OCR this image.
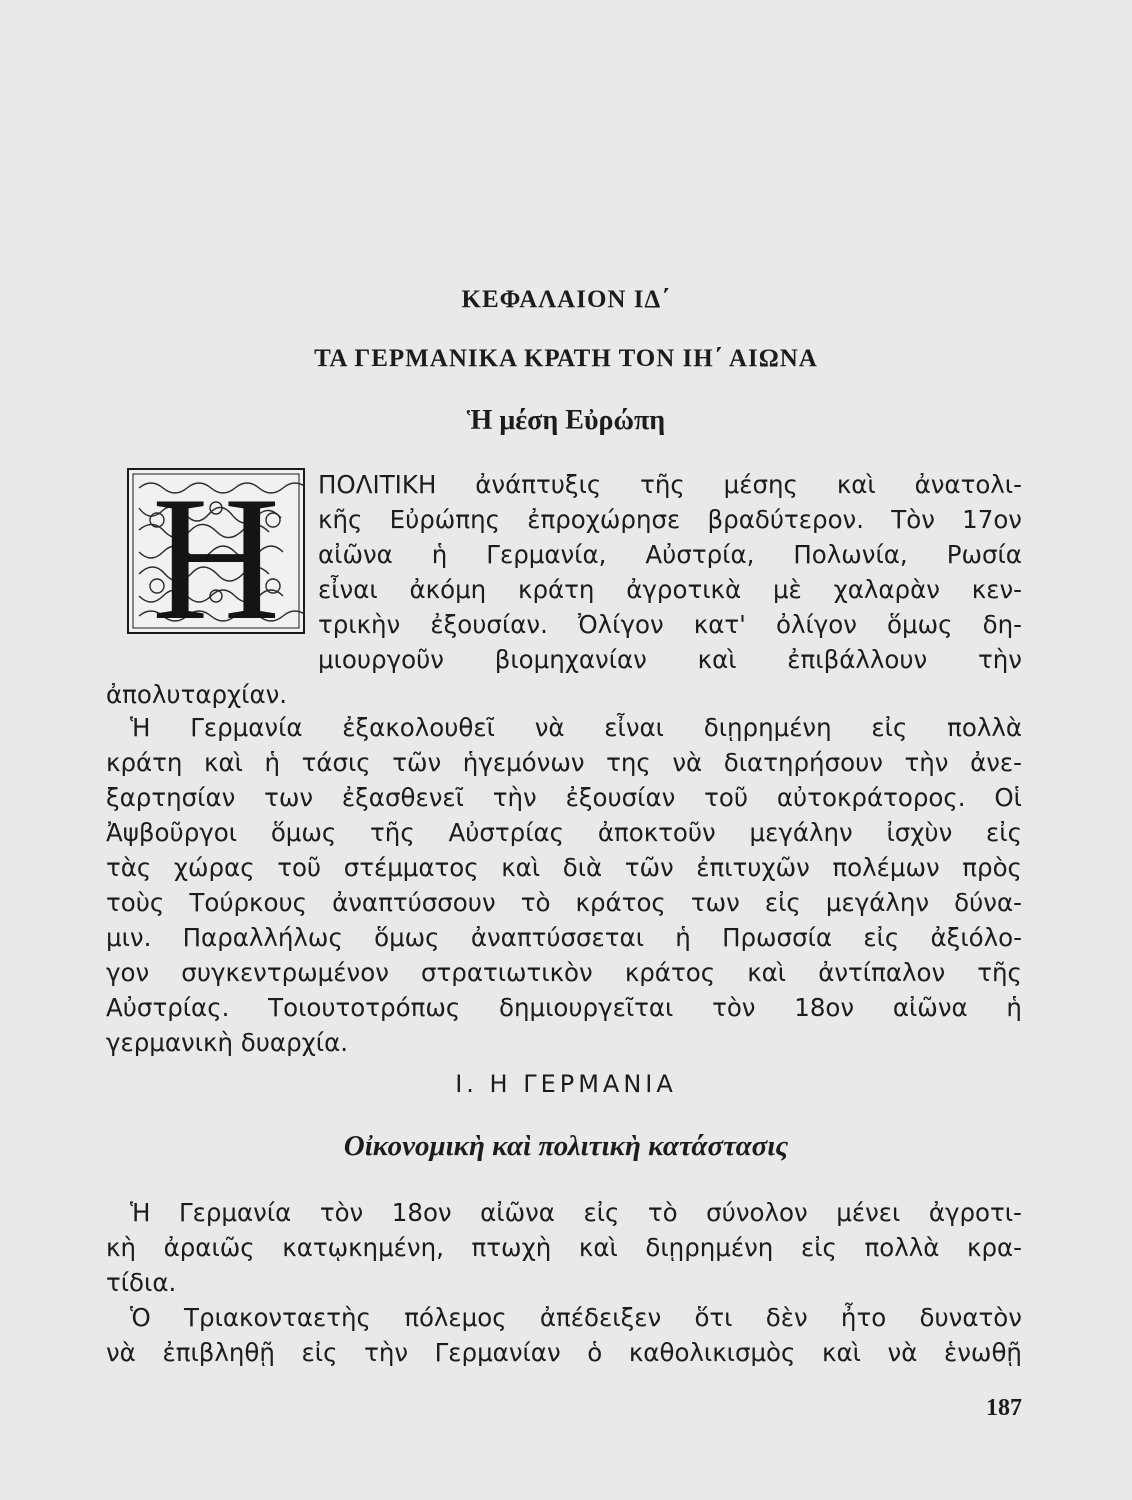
ΚΕΦΑΛΑΙΟΝ ΙΔ΄
ΤΑ ΓΕΡΜΑΝΙΚΑ ΚΡΑΤΗ ΤΟΝ ΙΗ΄ ΑΙΩΝΑ
Ἡ μέση Εὐρώπη
Η ΠΟΛΙΤΙΚΗ ἀνάπτυξις τῆς μέσης καὶ ἀνατολι-
κῆς Εὐρώπης ἐπροχώρησε βραδύτερον. Τὸν 17ον
αἰῶνα ἡ Γερμανία, Αὐστρία, Πολωνία, Ρωσία
εἶναι ἀκόμη κράτη ἀγροτικὰ μὲ χαλαρὰν κεν-
τρικὴν ἐξουσίαν. Ὀλίγον κατ' ὀλίγον ὅμως δη-
μιουργοῦν βιομηχανίαν καὶ ἐπιβάλλουν τὴν
ἀπολυταρχίαν.
Ἡ Γερμανία ἐξακολουθεῖ νὰ εἶναι διῃρημένη εἰς πολλὰ
κράτη καὶ ἡ τάσις τῶν ἡγεμόνων της νὰ διατηρήσουν τὴν ἀνε-
ξαρτησίαν των ἐξασθενεῖ τὴν ἐξουσίαν τοῦ αὐτοκράτορος. Οἱ
Ἀψβοῦργοι ὅμως τῆς Αὐστρίας ἀποκτοῦν μεγάλην ἰσχὺν εἰς
τὰς χώρας τοῦ στέμματος καὶ διὰ τῶν ἐπιτυχῶν πολέμων πρὸς
τοὺς Τούρκους ἀναπτύσσουν τὸ κράτος των εἰς μεγάλην δύνα-
μιν. Παραλλήλως ὅμως ἀναπτύσσεται ἡ Πρωσσία εἰς ἀξιόλο-
γον συγκεντρωμένον στρατιωτικὸν κράτος καὶ ἀντίπαλον τῆς
Αὐστρίας. Τοιουτοτρόπως δημιουργεῖται τὸν 18ον αἰῶνα ἡ
γερμανικὴ δυαρχία.
Ι. Η ΓΕΡΜΑΝΙΑ
Οἰκονομικὴ καὶ πολιτικὴ κατάστασις
Ἡ Γερμανία τὸν 18ον αἰῶνα εἰς τὸ σύνολον μένει ἀγροτι-
κὴ ἀραιῶς κατῳκημένη, πτωχὴ καὶ διῃρημένη εἰς πολλὰ κρα-
τίδια.
Ὁ Τριακονταετὴς πόλεμος ἀπέδειξεν ὅτι δὲν ἦτο δυνατὸν
νὰ ἐπιβληθῇ εἰς τὴν Γερμανίαν ὁ καθολικισμὸς καὶ νὰ ἑνωθῇ
187
